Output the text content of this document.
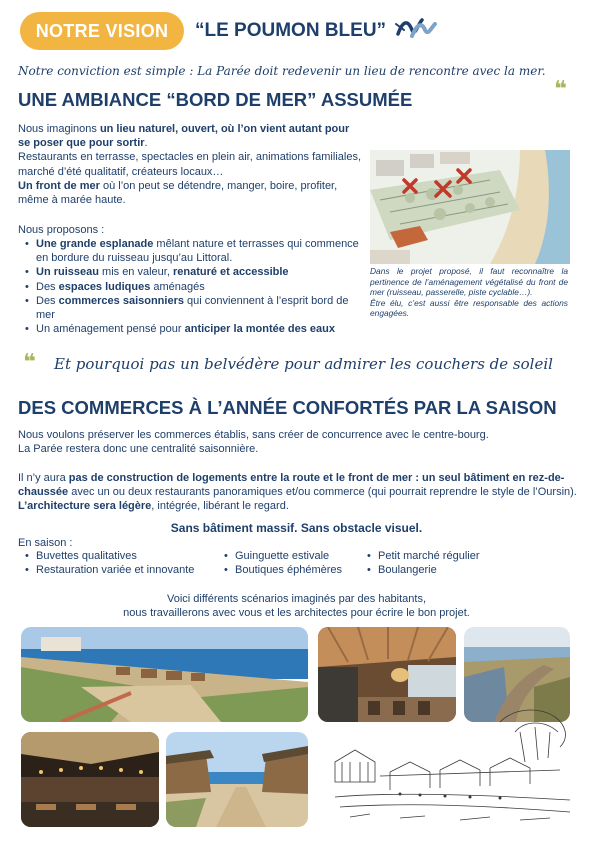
NOTRE VISION “LE POUMON BLEU”
Notre conviction est simple : La Parée doit redevenir un lieu de rencontre avec la mer.
UNE AMBIANCE “BORD DE MER” ASSUMÉE	❝

Nous imaginons un lieu naturel, ouvert, où l’on vient autant pour se poser que pour sortir.

Restaurants en terrasse, spectacles en plein air, animations familiales, marché d’été qualitatif, créateurs locaux…

Un front de mer où l’on peut se détendre, manger, boire, profiter, même à marée haute.

Nous proposons :

• Une grande esplanade mêlant nature et terrasses qui commence en bordure du ruisseau jusqu’au Littoral.
• Un ruisseau mis en valeur, renaturé et accessible
• Des espaces ludiques aménagés
• Des commerces saisonniers qui conviennent à l’esprit bord de mer
• Un aménagement pensé pour anticiper la montée des eaux
Dans le projet proposé, il faut reconnaître la pertinence de l’aménagement végétalisé du front de mer (ruisseau, passerelle, piste cyclable…).
Être élu, c’est aussi être responsable des actions engagées.
❝ Et pourquoi pas un belvédère pour admirer les couchers de soleil
DES COMMERCES À L’ANNÉE CONFORTÉS PAR LA SAISON

Nous voulons préserver les commerces établis, sans créer de concurrence avec le centre-bourg.

La Parée restera donc une centralité saisonnière.

Il n’y aura pas de construction de logements entre la route et le front de mer : un seul bâtiment en rez-de-chaussée avec un ou deux restaurants panoramiques et/ou commerce (qui pourrait reprendre le style de l’Oursin). L’architecture sera légère, intégrée, libérant le regard.

Sans bâtiment massif. Sans obstacle visuel.

En saison :

• Buvettes qualitatives
• Restauration variée et innovante
• Guinguette estivale
• Boutiques éphémères
• Petit marché régulier
• Boulangerie

Voici différents scénarios imaginés par des habitants,

nous travaillerons avec vous et les architectes pour écrire le bon projet.
